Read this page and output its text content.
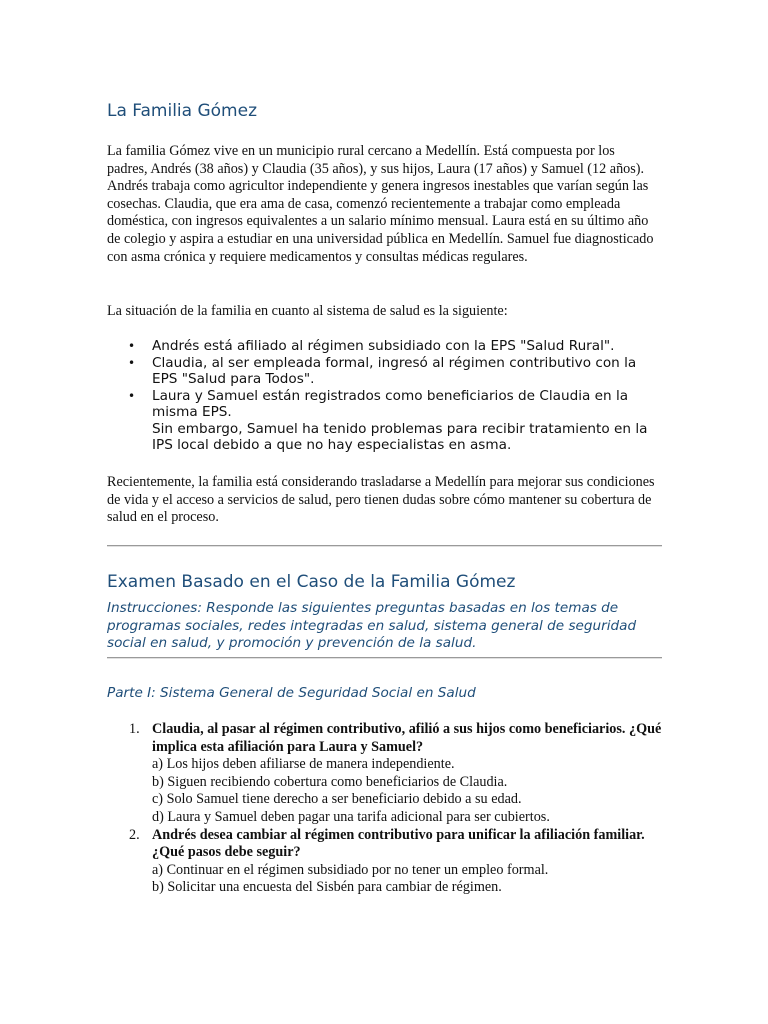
La Familia Gómez

La familia Gómez vive en un municipio rural cercano a Medellín. Está compuesta por los padres, Andrés (38 años) y Claudia (35 años), y sus hijos, Laura (17 años) y Samuel (12 años). Andrés trabaja como agricultor independiente y genera ingresos inestables que varían según las cosechas. Claudia, que era ama de casa, comenzó recientemente a trabajar como empleada doméstica, con ingresos equivalentes a un salario mínimo mensual. Laura está en su último año de colegio y aspira a estudiar en una universidad pública en Medellín. Samuel fue diagnosticado con asma crónica y requiere medicamentos y consultas médicas regulares.

La situación de la familia en cuanto al sistema de salud es la siguiente:

• Andrés está afiliado al régimen subsidiado con la EPS "Salud Rural".
• Claudia, al ser empleada formal, ingresó al régimen contributivo con la EPS "Salud para Todos".
• Laura y Samuel están registrados como beneficiarios de Claudia en la misma EPS.
Sin embargo, Samuel ha tenido problemas para recibir tratamiento en la IPS local debido a que no hay especialistas en asma.

Recientemente, la familia está considerando trasladarse a Medellín para mejorar sus condiciones de vida y el acceso a servicios de salud, pero tienen dudas sobre cómo mantener su cobertura de salud en el proceso.

Examen Basado en el Caso de la Familia Gómez

Instrucciones: Responde las siguientes preguntas basadas en los temas de programas sociales, redes integradas en salud, sistema general de seguridad social en salud, y promoción y prevención de la salud.

Parte I: Sistema General de Seguridad Social en Salud
1. Claudia, al pasar al régimen contributivo, afilió a sus hijos como beneficiarios. ¿Qué implica esta afiliación para Laura y Samuel?
a) Los hijos deben afiliarse de manera independiente.
b) Siguen recibiendo cobertura como beneficiarios de Claudia.
c) Solo Samuel tiene derecho a ser beneficiario debido a su edad.
d) Laura y Samuel deben pagar una tarifa adicional para ser cubiertos.
2. Andrés desea cambiar al régimen contributivo para unificar la afiliación familiar. ¿Qué pasos debe seguir?
a) Continuar en el régimen subsidiado por no tener un empleo formal.
b) Solicitar una encuesta del Sisbén para cambiar de régimen.
